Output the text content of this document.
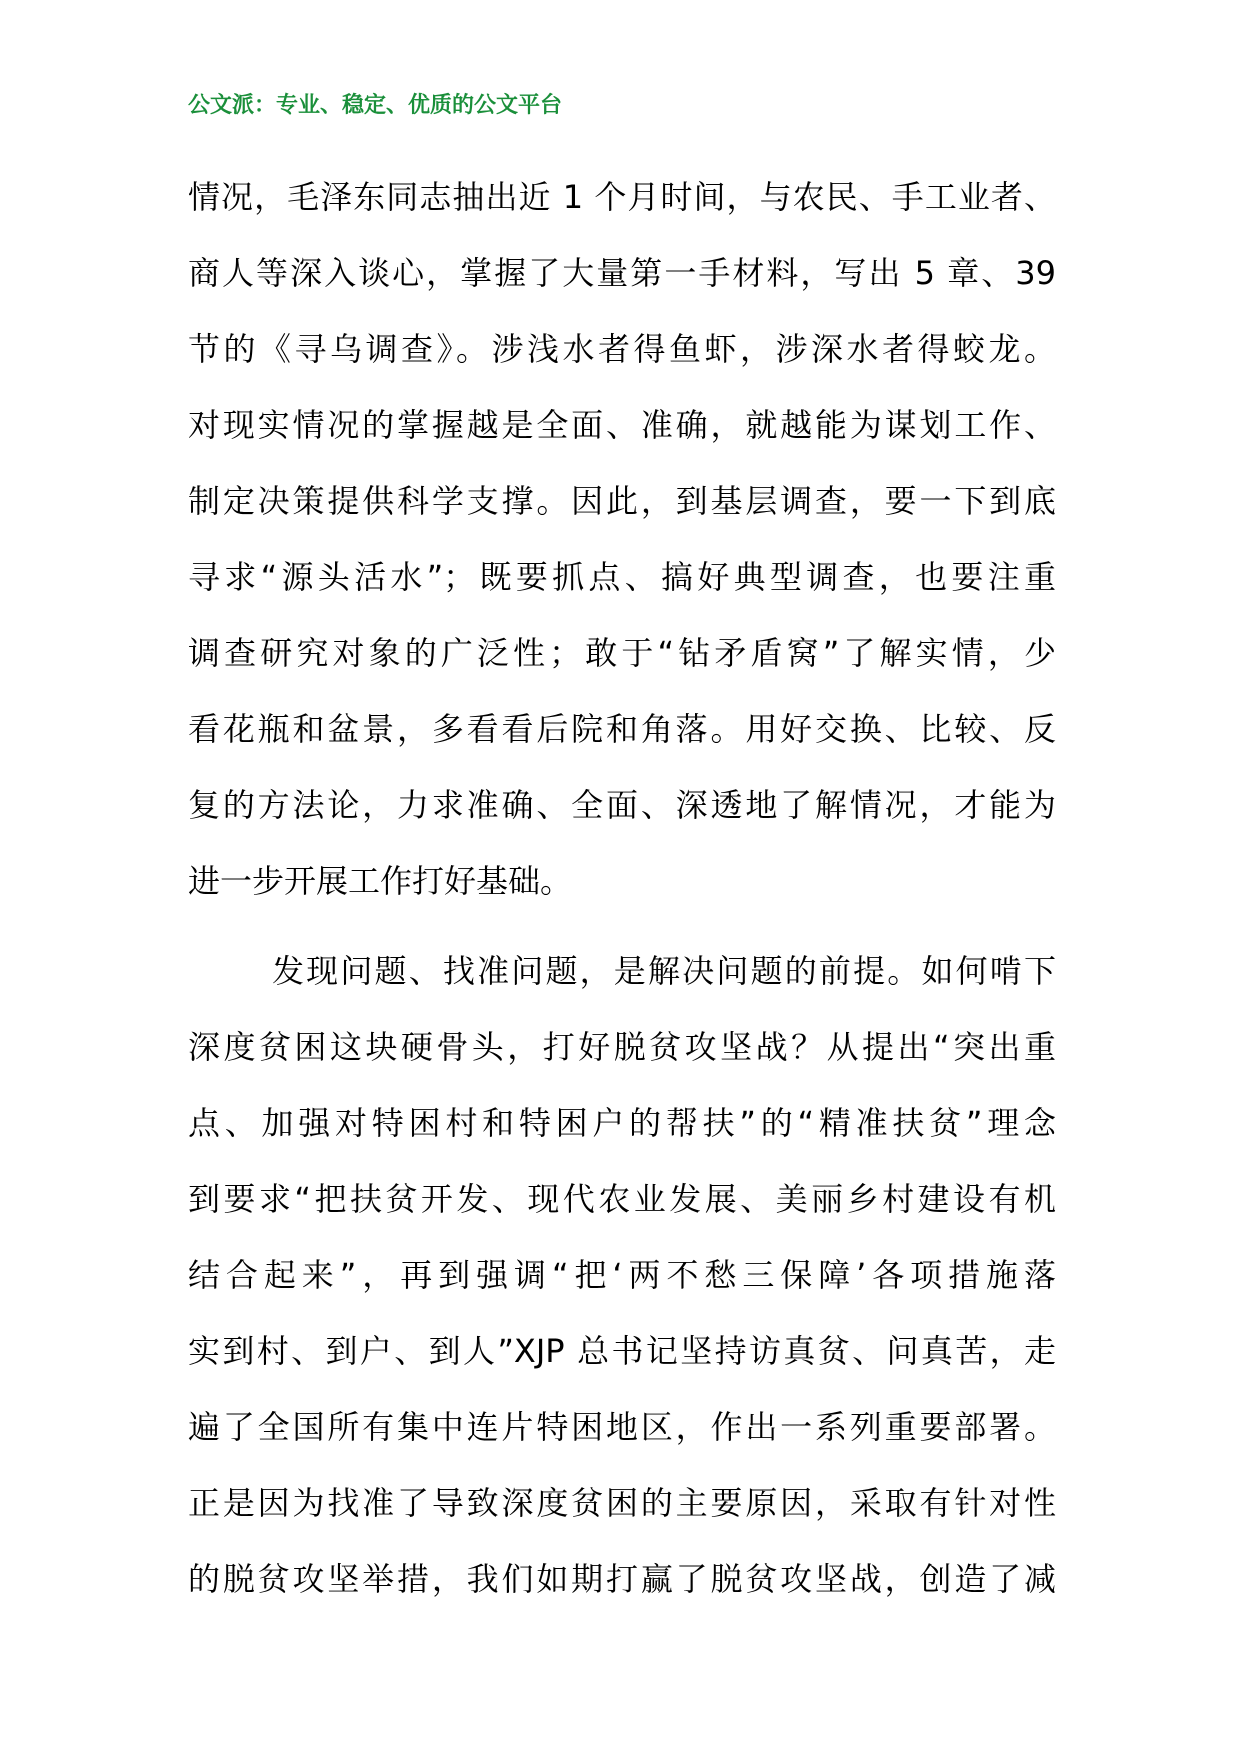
公文派：专业、稳定、优质的公文平台
情况，毛泽东同志抽出近 1 个月时间，与农民、手工业者、
商人等深入谈心，掌握了大量第一手材料，写出 5 章、39
节的《寻乌调查》。涉浅水者得鱼虾，涉深水者得蛟龙。
对现实情况的掌握越是全面、准确，就越能为谋划工作、
制定决策提供科学支撑。因此，到基层调查，要一下到底
寻求“源头活水”；既要抓点、搞好典型调查，也要注重
调查研究对象的广泛性；敢于“钻矛盾窝”了解实情，少
看花瓶和盆景，多看看后院和角落。用好交换、比较、反
复的方法论，力求准确、全面、深透地了解情况，才能为
进一步开展工作打好基础。
发现问题、找准问题，是解决问题的前提。如何啃下
深度贫困这块硬骨头，打好脱贫攻坚战？从提出“突出重
点、加强对特困村和特困户的帮扶”的“精准扶贫”理念
到要求“把扶贫开发、现代农业发展、美丽乡村建设有机
结合起来”，再到强调“把‘两不愁三保障’各项措施落
实到村、到户、到人”XJP 总书记坚持访真贫、问真苦，走
遍了全国所有集中连片特困地区，作出一系列重要部署。
正是因为找准了导致深度贫困的主要原因，采取有针对性
的脱贫攻坚举措，我们如期打赢了脱贫攻坚战，创造了减
